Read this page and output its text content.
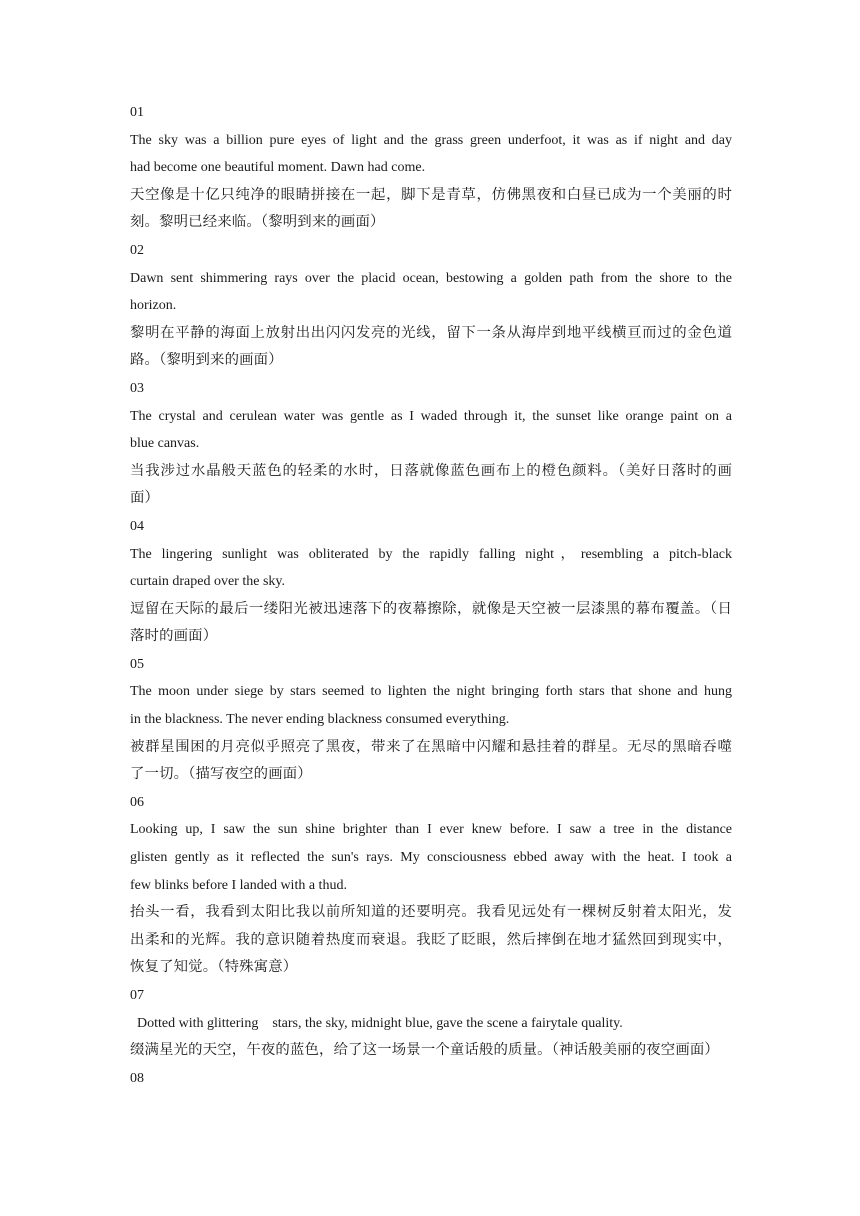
01

The sky was a billion pure eyes of light and the grass green underfoot, it was as if night and day

had become one beautiful moment. Dawn had come.

天空像是十亿只纯净的眼睛拼接在一起，脚下是青草，仿佛黑夜和白昼已成为一个美丽的时

刻。黎明已经来临。（黎明到来的画面）

02

Dawn sent shimmering rays over the placid ocean, bestowing a golden path from the shore to the

horizon.

黎明在平静的海面上放射出出闪闪发亮的光线，留下一条从海岸到地平线横亘而过的金色道

路。（黎明到来的画面）

03

The crystal and cerulean water was gentle as I waded through it, the sunset like orange paint on a

blue canvas.

当我涉过水晶般天蓝色的轻柔的水时，日落就像蓝色画布上的橙色颜料。（美好日落时的画

面）

04

The lingering sunlight was obliterated by the rapidly falling night，resembling a pitch-black

curtain draped over the sky.

逗留在天际的最后一缕阳光被迅速落下的夜幕擦除，就像是天空被一层漆黑的幕布覆盖。（日

落时的画面）

05

The moon under siege by stars seemed to lighten the night bringing forth stars that shone and hung

in the blackness. The never ending blackness consumed everything.

被群星围困的月亮似乎照亮了黑夜，带来了在黑暗中闪耀和悬挂着的群星。无尽的黑暗吞噬

了一切。（描写夜空的画面）

06

Looking up, I saw the sun shine brighter than I ever knew before. I saw a tree in the distance

glisten gently as it reflected the sun's rays. My consciousness ebbed away with the heat. I took a

few blinks before I landed with a thud.

抬头一看，我看到太阳比我以前所知道的还要明亮。我看见远处有一棵树反射着太阳光，发

出柔和的光辉。我的意识随着热度而衰退。我眨了眨眼，然后摔倒在地才猛然回到现实中，

恢复了知觉。（特殊寓意）

07

Dotted with glittering    stars, the sky, midnight blue, gave the scene a fairytale quality.

缀满星光的天空，午夜的蓝色，给了这一场景一个童话般的质量。（神话般美丽的夜空画面）

08
